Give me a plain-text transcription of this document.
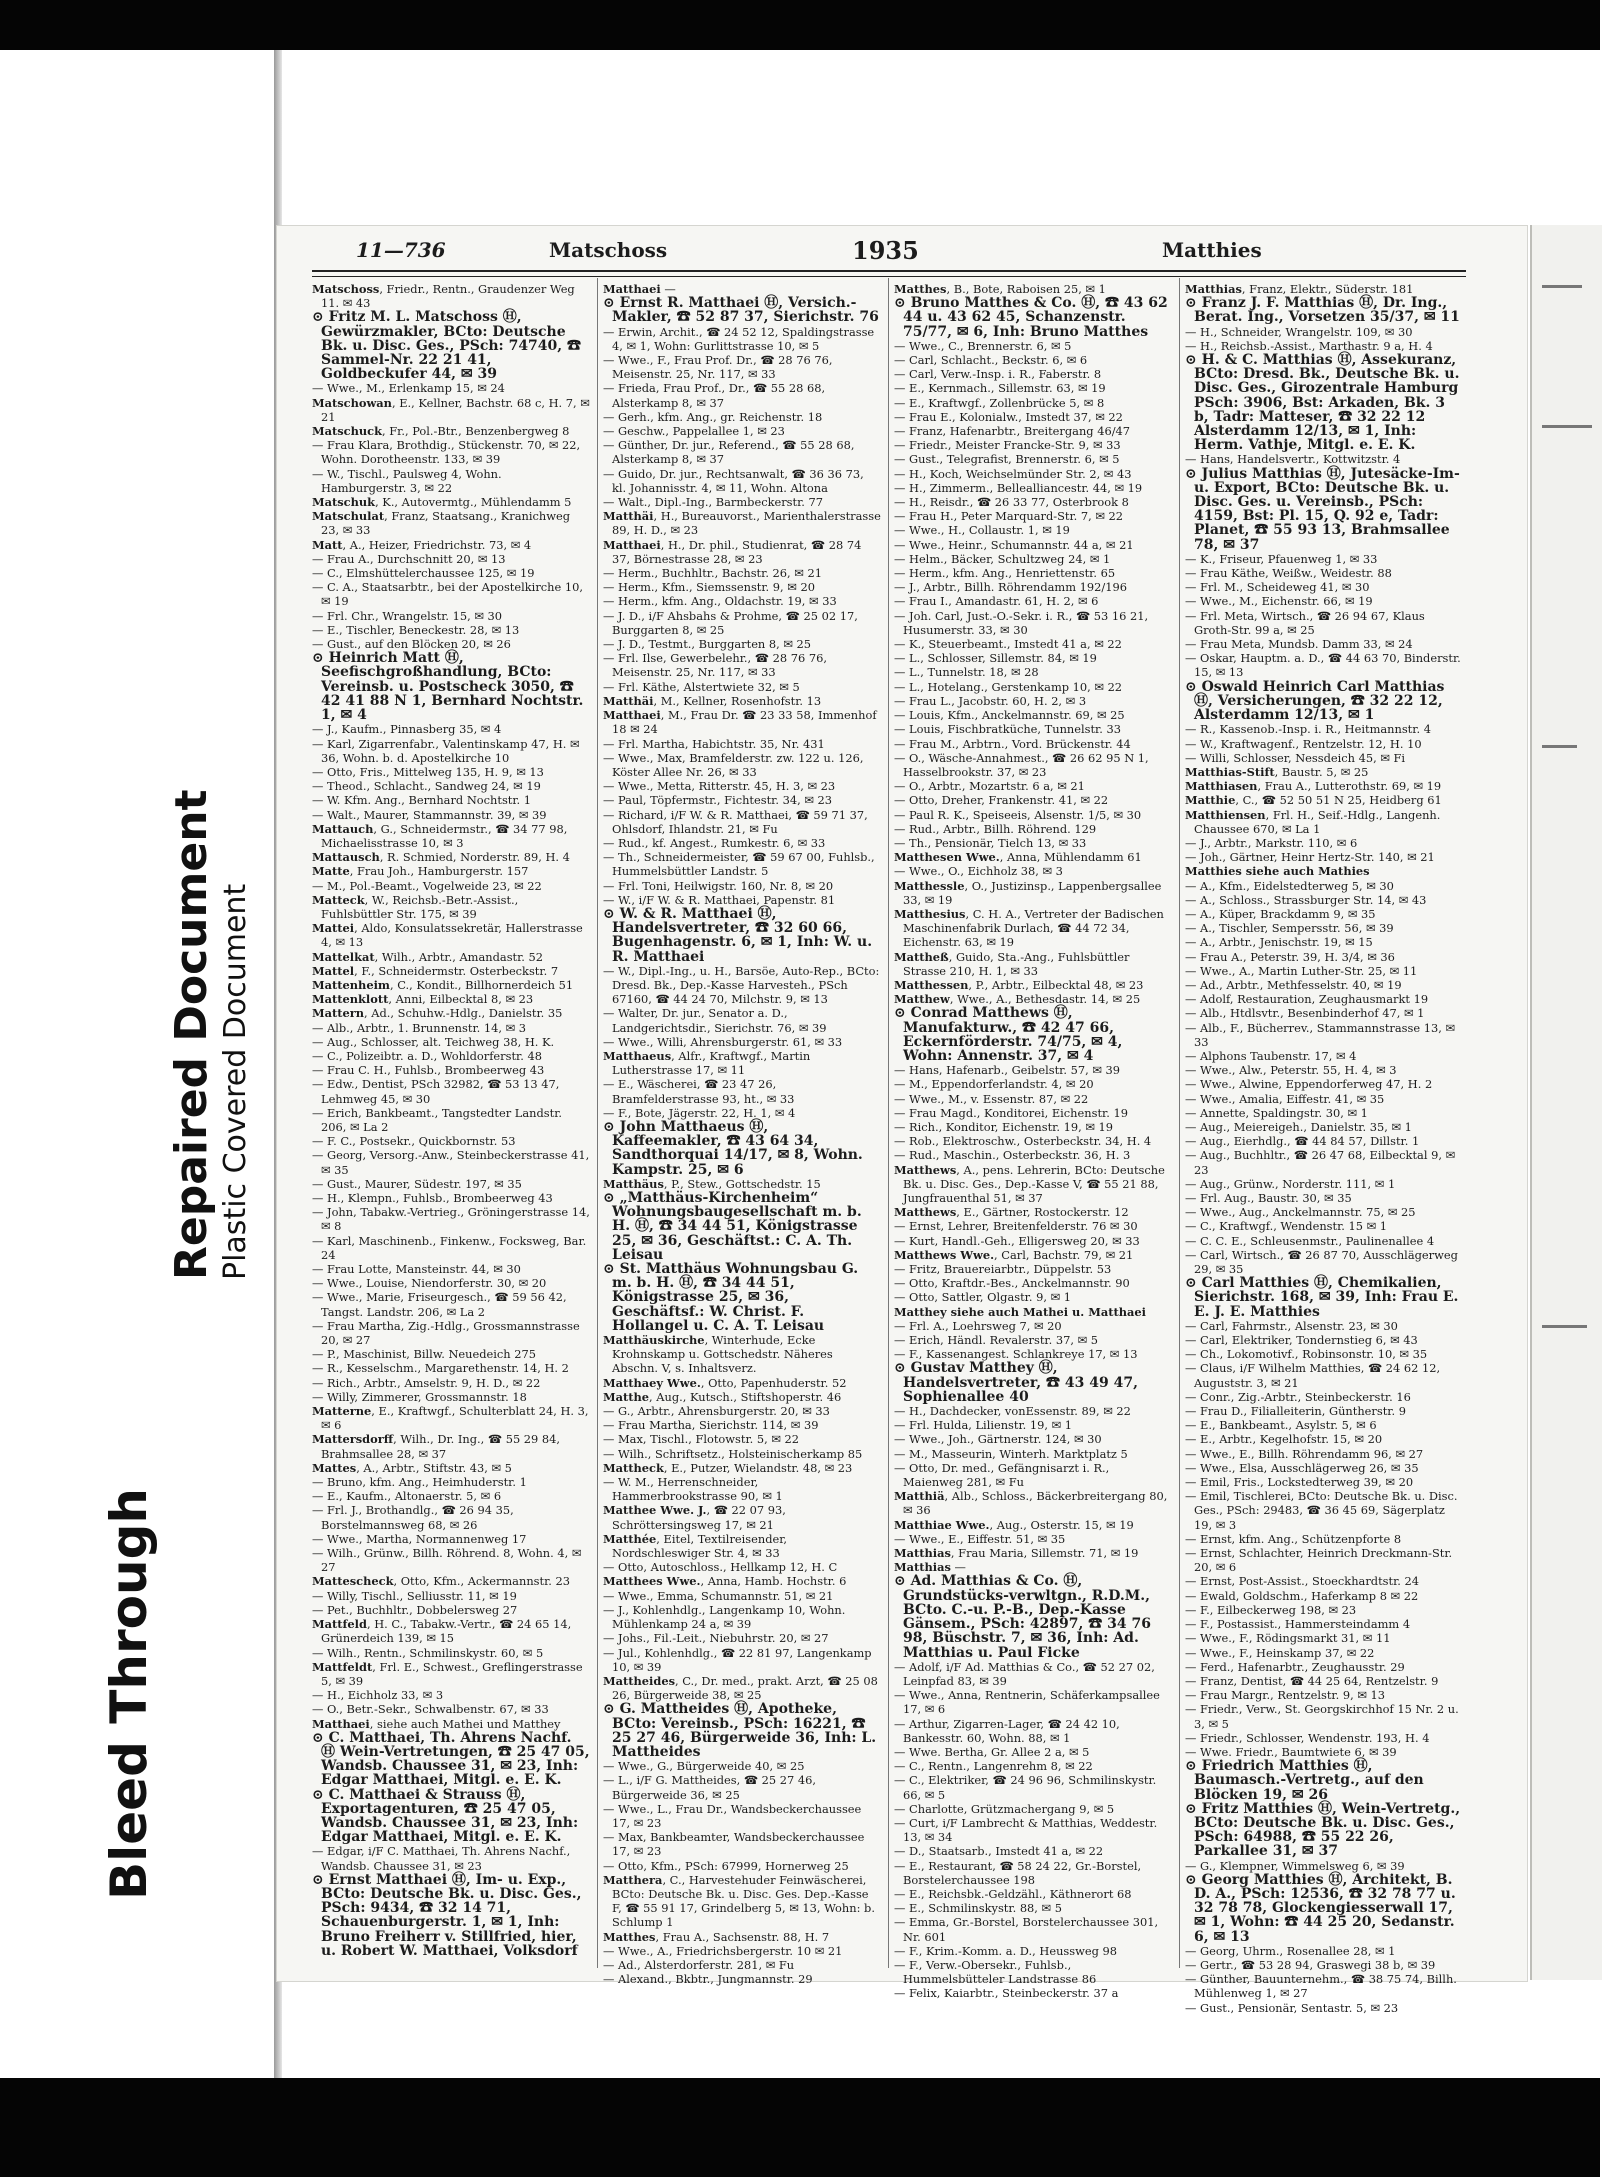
Bleed Through
Repaired Document Plastic Covered Document
11—736	Matschoss	1935	Matthies

Matschoss, Friedr., Rentn., Graudenzer Weg 11. ✉ 43

⊙ Fritz M. L. Matschoss Ⓗ, Gewürzmakler, BCto: Deutsche Bk. u. Disc. Ges., PSch: 74740, ☎ Sammel-Nr. 22 21 41, Goldbeckufer 44, ✉ 39

— Wwe., M., Erlenkamp 15, ✉ 24

Matschowan, E., Kellner, Bachstr. 68 c, H. 7, ✉ 21

Matschuck, Fr., Pol.-Btr., Benzenbergweg 8

— Frau Klara, Brothdig., Stückenstr. 70, ✉ 22, Wohn. Dorotheenstr. 133, ✉ 39

— W., Tischl., Paulsweg 4, Wohn. Hamburgerstr. 3, ✉ 22

Matschuk, K., Autovermtg., Mühlendamm 5

Matschulat, Franz, Staatsang., Kranichweg 23, ✉ 33

Matt, A., Heizer, Friedrichstr. 73, ✉ 4

— Frau A., Durchschnitt 20, ✉ 13

— C., Elmshüttelerchaussee 125, ✉ 19

— C. A., Staatsarbtr., bei der Apostelkirche 10, ✉ 19

— Frl. Chr., Wrangelstr. 15, ✉ 30

— E., Tischler, Beneckestr. 28, ✉ 13

— Gust., auf den Blöcken 20, ✉ 26

⊙ Heinrich Matt Ⓗ, Seefischgroßhandlung, BCto: Vereinsb. u. Postscheck 3050, ☎ 42 41 88 N 1, Bernhard Nochtstr. 1, ✉ 4

— J., Kaufm., Pinnasberg 35, ✉ 4

— Karl, Zigarrenfabr., Valentinskamp 47, H. ✉ 36, Wohn. b. d. Apostelkirche 10

— Otto, Fris., Mittelweg 135, H. 9, ✉ 13

— Theod., Schlacht., Sandweg 24, ✉ 19

— W. Kfm. Ang., Bernhard Nochtstr. 1

— Walt., Maurer, Stammannstr. 39, ✉ 39

Mattauch, G., Schneidermstr., ☎ 34 77 98, Michaelisstrasse 10, ✉ 3

Mattausch, R. Schmied, Norderstr. 89, H. 4

Matte, Frau Joh., Hamburgerstr. 157

— M., Pol.-Beamt., Vogelweide 23, ✉ 22

Matteck, W., Reichsb.-Betr.-Assist., Fuhlsbüttler Str. 175, ✉ 39

Mattei, Aldo, Konsulatssekretär, Hallerstrasse 4, ✉ 13

Mattelkat, Wilh., Arbtr., Amandastr. 52

Mattel, F., Schneidermstr. Osterbeckstr. 7

Mattenheim, C., Kondit., Billhornerdeich 51

Mattenklott, Anni, Eilbecktal 8, ✉ 23

Mattern, Ad., Schuhw.-Hdlg., Danielstr. 35

— Alb., Arbtr., 1. Brunnenstr. 14, ✉ 3

— Aug., Schlosser, alt. Teichweg 38, H. K.

— C., Polizeibtr. a. D., Wohldorferstr. 48

— Frau C. H., Fuhlsb., Brombeerweg 43

— Edw., Dentist, PSch 32982, ☎ 53 13 47, Lehmweg 45, ✉ 30

— Erich, Bankbeamt., Tangstedter Landstr. 206, ✉ La 2

— F. C., Postsekr., Quickbornstr. 53

— Georg, Versorg.-Anw., Steinbeckerstrasse 41, ✉ 35

— Gust., Maurer, Südestr. 197, ✉ 35

— H., Klempn., Fuhlsb., Brombeerweg 43

— John, Tabakw.-Vertrieg., Gröningerstrasse 14, ✉ 8

— Karl, Maschinenb., Finkenw., Focksweg, Bar. 24

— Frau Lotte, Mansteinstr. 44, ✉ 30

— Wwe., Louise, Niendorferstr. 30, ✉ 20

— Wwe., Marie, Friseurgesch., ☎ 59 56 42, Tangst. Landstr. 206, ✉ La 2

— Frau Martha, Zig.-Hdlg., Grossmannstrasse 20, ✉ 27

— P., Maschinist, Billw. Neuedeich 275

— R., Kesselschm., Margarethenstr. 14, H. 2

— Rich., Arbtr., Amselstr. 9, H. D., ✉ 22

— Willy, Zimmerer, Grossmannstr. 18

Matterne, E., Kraftwgf., Schulterblatt 24, H. 3, ✉ 6

Mattersdorff, Wilh., Dr. Ing., ☎ 55 29 84, Brahmsallee 28, ✉ 37

Mattes, A., Arbtr., Stiftstr. 43, ✉ 5

— Bruno, kfm. Ang., Heimhuderstr. 1

— E., Kaufm., Altonaerstr. 5, ✉ 6

— Frl. J., Brothandlg., ☎ 26 94 35, Borstelmannsweg 68, ✉ 26

— Wwe., Martha, Normannenweg 17

— Wilh., Grünw., Billh. Röhrend. 8, Wohn. 4, ✉ 27

Mattescheck, Otto, Kfm., Ackermannstr. 23

— Willy, Tischl., Selliusstr. 11, ✉ 19

— Pet., Buchhltr., Dobbelersweg 27

Mattfeld, H. C., Tabakw.-Vertr., ☎ 24 65 14, Grünerdeich 139, ✉ 15

— Wilh., Rentn., Schmilinskystr. 60, ✉ 5

Mattfeldt, Frl. E., Schwest., Greflingerstrasse 5, ✉ 39

— H., Eichholz 33, ✉ 3

— O., Betr.-Sekr., Schwalbenstr. 67, ✉ 33

Matthaei, siehe auch Mathei und Matthey

⊙ C. Matthaei, Th. Ahrens Nachf. Ⓗ Wein-Vertretungen, ☎ 25 47 05, Wandsb. Chaussee 31, ✉ 23, Inh: Edgar Matthaei, Mitgl. e. E. K.

⊙ C. Matthaei & Strauss Ⓗ, Exportagenturen, ☎ 25 47 05, Wandsb. Chaussee 31, ✉ 23, Inh: Edgar Matthaei, Mitgl. e. E. K.

— Edgar, i/F C. Matthaei, Th. Ahrens Nachf., Wandsb. Chaussee 31, ✉ 23

⊙ Ernst Matthaei Ⓗ, Im- u. Exp., BCto: Deutsche Bk. u. Disc. Ges., PSch: 9434, ☎ 32 14 71, Schauenburgerstr. 1, ✉ 1, Inh: Bruno Freiherr v. Stillfried, hier, u. Robert W. Matthaei, Volksdorf

Matthaei —

⊙ Ernst R. Matthaei Ⓗ, Versich.-Makler, ☎ 52 87 37, Sierichstr. 76

— Erwin, Archit., ☎ 24 52 12, Spaldingstrasse 4, ✉ 1, Wohn: Gurlittstrasse 10, ✉ 5

— Wwe., F., Frau Prof. Dr., ☎ 28 76 76, Meisenstr. 25, Nr. 117, ✉ 33

— Frieda, Frau Prof., Dr., ☎ 55 28 68, Alsterkamp 8, ✉ 37

— Gerh., kfm. Ang., gr. Reichenstr. 18

— Geschw., Pappelallee 1, ✉ 23

— Günther, Dr. jur., Referend., ☎ 55 28 68, Alsterkamp 8, ✉ 37

— Guido, Dr. jur., Rechtsanwalt, ☎ 36 36 73, kl. Johannisstr. 4, ✉ 11, Wohn. Altona

— Walt., Dipl.-Ing., Barmbeckerstr. 77

Matthäi, H., Bureauvorst., Marienthalerstrasse 89, H. D., ✉ 23

Matthaei, H., Dr. phil., Studienrat, ☎ 28 74 37, Börnestrasse 28, ✉ 23

— Herm., Buchhltr., Bachstr. 26, ✉ 21

— Herm., Kfm., Siemssenstr. 9, ✉ 20

— Herm., kfm. Ang., Oldachstr. 19, ✉ 33

— J. D., i/F Ahsbahs & Prohme, ☎ 25 02 17, Burggarten 8, ✉ 25

— J. D., Testmt., Burggarten 8, ✉ 25

— Frl. Ilse, Gewerbelehr., ☎ 28 76 76, Meisenstr. 25, Nr. 117, ✉ 33

— Frl. Käthe, Alstertwiete 32, ✉ 5

Matthäi, M., Kellner, Rosenhofstr. 13

Matthaei, M., Frau Dr. ☎ 23 33 58, Immenhof 18 ✉ 24

— Frl. Martha, Habichtstr. 35, Nr. 431

— Wwe., Max, Bramfelderstr. zw. 122 u. 126, Köster Allee Nr. 26, ✉ 33

— Wwe., Metta, Ritterstr. 45, H. 3, ✉ 23

— Paul, Töpfermstr., Fichtestr. 34, ✉ 23

— Richard, i/F W. & R. Matthaei, ☎ 59 71 37, Ohlsdorf, Ihlandstr. 21, ✉ Fu

— Rud., kf. Angest., Rumkestr. 6, ✉ 33

— Th., Schneidermeister, ☎ 59 67 00, Fuhlsb., Hummelsbüttler Landstr. 5

— Frl. Toni, Heilwigstr. 160, Nr. 8, ✉ 20

— W., i/F W. & R. Matthaei, Papenstr. 81

⊙ W. & R. Matthaei Ⓗ, Handelsvertreter, ☎ 32 60 66, Bugenhagenstr. 6, ✉ 1, Inh: W. u. R. Matthaei

— W., Dipl.-Ing., u. H., Barsöe, Auto-Rep., BCto: Dresd. Bk., Dep.-Kasse Harvesteh., PSch 67160, ☎ 44 24 70, Milchstr. 9, ✉ 13

— Walter, Dr. jur., Senator a. D., Landgerichtsdir., Sierichstr. 76, ✉ 39

— Wwe., Willi, Ahrensburgerstr. 61, ✉ 33

Matthaeus, Alfr., Kraftwgf., Martin Lutherstrasse 17, ✉ 11

— E., Wäscherei, ☎ 23 47 26, Bramfelderstrasse 93, ht., ✉ 33

— F., Bote, Jägerstr. 22, H. 1, ✉ 4

⊙ John Matthaeus Ⓗ, Kaffeemakler, ☎ 43 64 34, Sandthorquai 14/17, ✉ 8, Wohn. Kampstr. 25, ✉ 6

Matthäus, P., Stew., Gottschedstr. 15

⊙ „Matthäus-Kirchenheim“ Wohnungsbaugesellschaft m. b. H. Ⓗ, ☎ 34 44 51, Königstrasse 25, ✉ 36, Geschäftst.: C. A. Th. Leisau

⊙ St. Matthäus Wohnungsbau G. m. b. H. Ⓗ, ☎ 34 44 51, Königstrasse 25, ✉ 36, Geschäftsf.: W. Christ. F. Hollangel u. C. A. T. Leisau

Matthäuskirche, Winterhude, Ecke Krohnskamp u. Gottschedstr. Näheres Abschn. V, s. Inhaltsverz.

Matthaey Wwe., Otto, Papenhuderstr. 52

Matthe, Aug., Kutsch., Stiftshoperstr. 46

— G., Arbtr., Ahrensburgerstr. 20, ✉ 33

— Frau Martha, Sierichstr. 114, ✉ 39

— Max, Tischl., Flotowstr. 5, ✉ 22

— Wilh., Schriftsetz., Holsteinischerkamp 85

Mattheck, E., Putzer, Wielandstr. 48, ✉ 23

— W. M., Herrenschneider, Hammerbrookstrasse 90, ✉ 1

Matthee Wwe. J., ☎ 22 07 93, Schröttersingsweg 17, ✉ 21

Matthée, Eitel, Textilreisender, Nordschleswiger Str. 4, ✉ 33

— Otto, Autoschloss., Hellkamp 12, H. C

Matthees Wwe., Anna, Hamb. Hochstr. 6

— Wwe., Emma, Schumannstr. 51, ✉ 21

— J., Kohlenhdlg., Langenkamp 10, Wohn. Mühlenkamp 24 a, ✉ 39

— Johs., Fil.-Leit., Niebuhrstr. 20, ✉ 27

— Jul., Kohlenhdlg., ☎ 22 81 97, Langenkamp 10, ✉ 39

Mattheides, C., Dr. med., prakt. Arzt, ☎ 25 08 26, Bürgerweide 38, ✉ 25

⊙ G. Mattheides Ⓗ, Apotheke, BCto: Vereinsb., PSch: 16221, ☎ 25 27 46, Bürgerweide 36, Inh: L. Mattheides

— Wwe., G., Bürgerweide 40, ✉ 25

— L., i/F G. Mattheides, ☎ 25 27 46, Bürgerweide 36, ✉ 25

— Wwe., L., Frau Dr., Wandsbeckerchaussee 17, ✉ 23

— Max, Bankbeamter, Wandsbeckerchaussee 17, ✉ 23

— Otto, Kfm., PSch: 67999, Hornerweg 25

Matthera, C., Harvestehuder Feinwäscherei, BCto: Deutsche Bk. u. Disc. Ges. Dep.-Kasse F, ☎ 55 91 17, Grindelberg 5, ✉ 13, Wohn: b. Schlump 1

Matthes, Frau A., Sachsenstr. 88, H. 7

— Wwe., A., Friedrichsbergerstr. 10 ✉ 21

— Ad., Alsterdorferstr. 281, ✉ Fu

— Alexand., Bkbtr., Jungmannstr. 29

Matthes, B., Bote, Raboisen 25, ✉ 1

⊙ Bruno Matthes & Co. Ⓗ, ☎ 43 62 44 u. 43 62 45, Schanzenstr. 75/77, ✉ 6, Inh: Bruno Matthes

— Wwe., C., Brennerstr. 6, ✉ 5

— Carl, Schlacht., Beckstr. 6, ✉ 6

— Carl, Verw.-Insp. i. R., Faberstr. 8

— E., Kernmach., Sillemstr. 63, ✉ 19

— E., Kraftwgf., Zollenbrücke 5, ✉ 8

— Frau E., Kolonialw., Imstedt 37, ✉ 22

— Franz, Hafenarbtr., Breitergang 46/47

— Friedr., Meister Francke-Str. 9, ✉ 33

— Gust., Telegrafist, Brennerstr. 6, ✉ 5

— H., Koch, Weichselmünder Str. 2, ✉ 43

— H., Zimmerm., Bellealliancestr. 44, ✉ 19

— H., Reisdr., ☎ 26 33 77, Osterbrook 8

— Frau H., Peter Marquard-Str. 7, ✉ 22

— Wwe., H., Collaustr. 1, ✉ 19

— Wwe., Heinr., Schumannstr. 44 a, ✉ 21

— Helm., Bäcker, Schultzweg 24, ✉ 1

— Herm., kfm. Ang., Henriettenstr. 65

— J., Arbtr., Billh. Röhrendamm 192/196

— Frau I., Amandastr. 61, H. 2, ✉ 6

— Joh. Carl, Just.-O.-Sekr. i. R., ☎ 53 16 21, Husumerstr. 33, ✉ 30

— K., Steuerbeamt., Imstedt 41 a, ✉ 22

— L., Schlosser, Sillemstr. 84, ✉ 19

— L., Tunnelstr. 18, ✉ 28

— L., Hotelang., Gerstenkamp 10, ✉ 22

— Frau L., Jacobstr. 60, H. 2, ✉ 3

— Louis, Kfm., Anckelmannstr. 69, ✉ 25

— Louis, Fischbratküche, Tunnelstr. 33

— Frau M., Arbtrn., Vord. Brückenstr. 44

— O., Wäsche-Annahmest., ☎ 26 62 95 N 1, Hasselbrookstr. 37, ✉ 23

— O., Arbtr., Mozartstr. 6 a, ✉ 21

— Otto, Dreher, Frankenstr. 41, ✉ 22

— Paul R. K., Speiseeis, Alsenstr. 1/5, ✉ 30

— Rud., Arbtr., Billh. Röhrend. 129

— Th., Pensionär, Tielch 13, ✉ 33

Matthesen Wwe., Anna, Mühlendamm 61

— Wwe., O., Eichholz 38, ✉ 3

Matthessle, O., Justizinsp., Lappenbergsallee 33, ✉ 19

Matthesius, C. H. A., Vertreter der Badischen Maschinenfabrik Durlach, ☎ 44 72 34, Eichenstr. 63, ✉ 19

Mattheß, Guido, Sta.-Ang., Fuhlsbüttler Strasse 210, H. 1, ✉ 33

Matthessen, P., Arbtr., Eilbecktal 48, ✉ 23

Matthew, Wwe., A., Bethesdastr. 14, ✉ 25

⊙ Conrad Matthews Ⓗ, Manufakturw., ☎ 42 47 66, Eckernförderstr. 74/75, ✉ 4, Wohn: Annenstr. 37, ✉ 4

— Hans, Hafenarb., Geibelstr. 57, ✉ 39

— M., Eppendorferlandstr. 4, ✉ 20

— Wwe., M., v. Essenstr. 87, ✉ 22

— Frau Magd., Konditorei, Eichenstr. 19

— Rich., Konditor, Eichenstr. 19, ✉ 19

— Rob., Elektroschw., Osterbeckstr. 34, H. 4

— Rud., Maschin., Osterbeckstr. 36, H. 3

Matthews, A., pens. Lehrerin, BCto: Deutsche Bk. u. Disc. Ges., Dep.-Kasse V, ☎ 55 21 88, Jungfrauenthal 51, ✉ 37

Matthews, E., Gärtner, Rostockerstr. 12

— Ernst, Lehrer, Breitenfelderstr. 76 ✉ 30

— Kurt, Handl.-Geh., Elligersweg 20, ✉ 33

Matthews Wwe., Carl, Bachstr. 79, ✉ 21

— Fritz, Brauereiarbtr., Düppelstr. 53

— Otto, Kraftdr.-Bes., Anckelmannstr. 90

— Otto, Sattler, Olgastr. 9, ✉ 1

Matthey siehe auch Mathei u. Matthaei

— Frl. A., Loehrsweg 7, ✉ 20

— Erich, Händl. Revalerstr. 37, ✉ 5

— F., Kassenangest. Schlankreye 17, ✉ 13

⊙ Gustav Matthey Ⓗ, Handelsvertreter, ☎ 43 49 47, Sophienallee 40

— H., Dachdecker, vonEssenstr. 89, ✉ 22

— Frl. Hulda, Lilienstr. 19, ✉ 1

— Wwe., Joh., Gärtnerstr. 124, ✉ 30

— M., Masseurin, Winterh. Marktplatz 5

— Otto, Dr. med., Gefängnisarzt i. R., Maienweg 281, ✉ Fu

Matthiä, Alb., Schloss., Bäckerbreitergang 80, ✉ 36

Matthiae Wwe., Aug., Osterstr. 15, ✉ 19

— Wwe., E., Eiffestr. 51, ✉ 35

Matthias, Frau Maria, Sillemstr. 71, ✉ 19

Matthias —

⊙ Ad. Matthias & Co. Ⓗ, Grundstücks-verwltgn., R.D.M., BCto. C.-u. P.-B., Dep.-Kasse Gänsem., PSch: 42897, ☎ 34 76 98, Büschstr. 7, ✉ 36, Inh: Ad. Matthias u. Paul Ficke

— Adolf, i/F Ad. Matthias & Co., ☎ 52 27 02, Leinpfad 83, ✉ 39

— Wwe., Anna, Rentnerin, Schäferkampsallee 17, ✉ 6

— Arthur, Zigarren-Lager, ☎ 24 42 10, Bankesstr. 60, Wohn. 88, ✉ 1

— Wwe. Bertha, Gr. Allee 2 a, ✉ 5

— C., Rentn., Langenrehm 8, ✉ 22

— C., Elektriker, ☎ 24 96 96, Schmilinskystr. 66, ✉ 5

— Charlotte, Grützmachergang 9, ✉ 5

— Curt, i/F Lambrecht & Matthias, Weddestr. 13, ✉ 34

— D., Staatsarb., Imstedt 41 a, ✉ 22

— E., Restaurant, ☎ 58 24 22, Gr.-Borstel, Borstelerchaussee 198

— E., Reichsbk.-Geldzähl., Käthnerort 68

— E., Schmilinskystr. 88, ✉ 5

— Emma, Gr.-Borstel, Borstelerchaussee 301, Nr. 601

— F., Krim.-Komm. a. D., Heussweg 98

— F., Verw.-Obersekr., Fuhlsb., Hummelsbütteler Landstrasse 86

— Felix, Kaiarbtr., Steinbeckerstr. 37 a

Matthias, Franz, Elektr., Süderstr. 181

⊙ Franz J. F. Matthias Ⓗ, Dr. Ing., Berat. Ing., Vorsetzen 35/37, ✉ 11

— H., Schneider, Wrangelstr. 109, ✉ 30

— H., Reichsb.-Assist., Marthastr. 9 a, H. 4

⊙ H. & C. Matthias Ⓗ, Assekuranz, BCto: Dresd. Bk., Deutsche Bk. u. Disc. Ges., Girozentrale Hamburg PSch: 3906, Bst: Arkaden, Bk. 3 b, Tadr: Matteser, ☎ 32 22 12 Alsterdamm 12/13, ✉ 1, Inh: Herm. Vathje, Mitgl. e. E. K.

— Hans, Handelsvertr., Kottwitzstr. 4

⊙ Julius Matthias Ⓗ, Jutesäcke-Im- u. Export, BCto: Deutsche Bk. u. Disc. Ges. u. Vereinsb., PSch: 4159, Bst: Pl. 15, Q. 92 e, Tadr: Planet, ☎ 55 93 13, Brahmsallee 78, ✉ 37

— K., Friseur, Pfauenweg 1, ✉ 33

— Frau Käthe, Weißw., Weidestr. 88

— Frl. M., Scheideweg 41, ✉ 30

— Wwe., M., Eichenstr. 66, ✉ 19

— Frl. Meta, Wirtsch., ☎ 26 94 67, Klaus Groth-Str. 99 a, ✉ 25

— Frau Meta, Mundsb. Damm 33, ✉ 24

— Oskar, Hauptm. a. D., ☎ 44 63 70, Binderstr. 15, ✉ 13

⊙ Oswald Heinrich Carl Matthias Ⓗ, Versicherungen, ☎ 32 22 12, Alsterdamm 12/13, ✉ 1

— R., Kassenob.-Insp. i. R., Heitmannstr. 4

— W., Kraftwagenf., Rentzelstr. 12, H. 10

— Willi, Schlosser, Nessdeich 45, ✉ Fi

Matthias-Stift, Baustr. 5, ✉ 25

Matthiasen, Frau A., Lutterothstr. 69, ✉ 19

Matthie, C., ☎ 52 50 51 N 25, Heidberg 61

Matthiensen, Frl. H., Seif.-Hdlg., Langenh. Chaussee 670, ✉ La 1

— J., Arbtr., Markstr. 110, ✉ 6

— Joh., Gärtner, Heinr Hertz-Str. 140, ✉ 21

Matthies siehe auch Mathies

— A., Kfm., Eidelstedterweg 5, ✉ 30

— A., Schloss., Strassburger Str. 14, ✉ 43

— A., Küper, Brackdamm 9, ✉ 35

— A., Tischler, Sempersstr. 56, ✉ 39

— A., Arbtr., Jenischstr. 19, ✉ 15

— Frau A., Peterstr. 39, H. 3/4, ✉ 36

— Wwe., A., Martin Luther-Str. 25, ✉ 11

— Ad., Arbtr., Methfesselstr. 40, ✉ 19

— Adolf, Restauration, Zeughausmarkt 19

— Alb., Htdlsvtr., Besenbinderhof 47, ✉ 1

— Alb., F., Bücherrev., Stammannstrasse 13, ✉ 33

— Alphons Taubenstr. 17, ✉ 4

— Wwe., Alw., Peterstr. 55, H. 4, ✉ 3

— Wwe., Alwine, Eppendorferweg 47, H. 2

— Wwe., Amalia, Eiffestr. 41, ✉ 35

— Annette, Spaldingstr. 30, ✉ 1

— Aug., Meiereigeh., Danielstr. 35, ✉ 1

— Aug., Eierhdlg., ☎ 44 84 57, Dillstr. 1

— Aug., Buchhltr., ☎ 26 47 68, Eilbecktal 9, ✉ 23

— Aug., Grünw., Norderstr. 111, ✉ 1

— Frl. Aug., Baustr. 30, ✉ 35

— Wwe., Aug., Anckelmannstr. 75, ✉ 25

— C., Kraftwgf., Wendenstr. 15 ✉ 1

— C. C. E., Schleusenmstr., Paulinenallee 4

— Carl, Wirtsch., ☎ 26 87 70, Ausschlägerweg 29, ✉ 35

⊙ Carl Matthies Ⓗ, Chemikalien, Sierichstr. 168, ✉ 39, Inh: Frau E. E. J. E. Matthies

— Carl, Fahrmstr., Alsenstr. 23, ✉ 30

— Carl, Elektriker, Tondernstieg 6, ✉ 43

— Ch., Lokomotivf., Robinsonstr. 10, ✉ 35

— Claus, i/F Wilhelm Matthies, ☎ 24 62 12, Auguststr. 3, ✉ 21

— Conr., Zig.-Arbtr., Steinbeckerstr. 16

— Frau D., Filialleiterin, Güntherstr. 9

— E., Bankbeamt., Asylstr. 5, ✉ 6

— E., Arbtr., Kegelhofstr. 15, ✉ 20

— Wwe., E., Billh. Röhrendamm 96, ✉ 27

— Wwe., Elsa, Ausschlägerweg 26, ✉ 35

— Emil, Fris., Lockstedterweg 39, ✉ 20

— Emil, Tischlerei, BCto: Deutsche Bk. u. Disc. Ges., PSch: 29483, ☎ 36 45 69, Sägerplatz 19, ✉ 3

— Ernst, kfm. Ang., Schützenpforte 8

— Ernst, Schlachter, Heinrich Dreckmann-Str. 20, ✉ 6

— Ernst, Post-Assist., Stoeckhardtstr. 24

— Ewald, Goldschm., Haferkamp 8 ✉ 22

— F., Eilbeckerweg 198, ✉ 23

— F., Postassist., Hammersteindamm 4

— Wwe., F., Rödingsmarkt 31, ✉ 11

— Wwe., F., Heinskamp 37, ✉ 22

— Ferd., Hafenarbtr., Zeughausstr. 29

— Franz, Dentist, ☎ 44 25 64, Rentzelstr. 9

— Frau Margr., Rentzelstr. 9, ✉ 13

— Friedr., Verw., St. Georgskirchhof 15 Nr. 2 u. 3, ✉ 5

— Friedr., Schlosser, Wendenstr. 193, H. 4

— Wwe. Friedr., Baumtwiete 6, ✉ 39

⊙ Friedrich Matthies Ⓗ, Baumasch.-Vertretg., auf den Blöcken 19, ✉ 26

⊙ Fritz Matthies Ⓗ, Wein-Vertretg., BCto: Deutsche Bk. u. Disc. Ges., PSch: 64988, ☎ 55 22 26, Parkallee 31, ✉ 37

— G., Klempner, Wimmelsweg 6, ✉ 39

⊙ Georg Matthies Ⓗ, Architekt, B. D. A., PSch: 12536, ☎ 32 78 77 u. 32 78 78, Glockengiesserwall 17, ✉ 1, Wohn: ☎ 44 25 20, Sedanstr. 6, ✉ 13

— Georg, Uhrm., Rosenallee 28, ✉ 1

— Gertr., ☎ 53 28 94, Graswegi 38 b, ✉ 39

— Günther, Bauunternehm., ☎ 38 75 74, Billh. Mühlenweg 1, ✉ 27

— Gust., Pensionär, Sentastr. 5, ✉ 23
